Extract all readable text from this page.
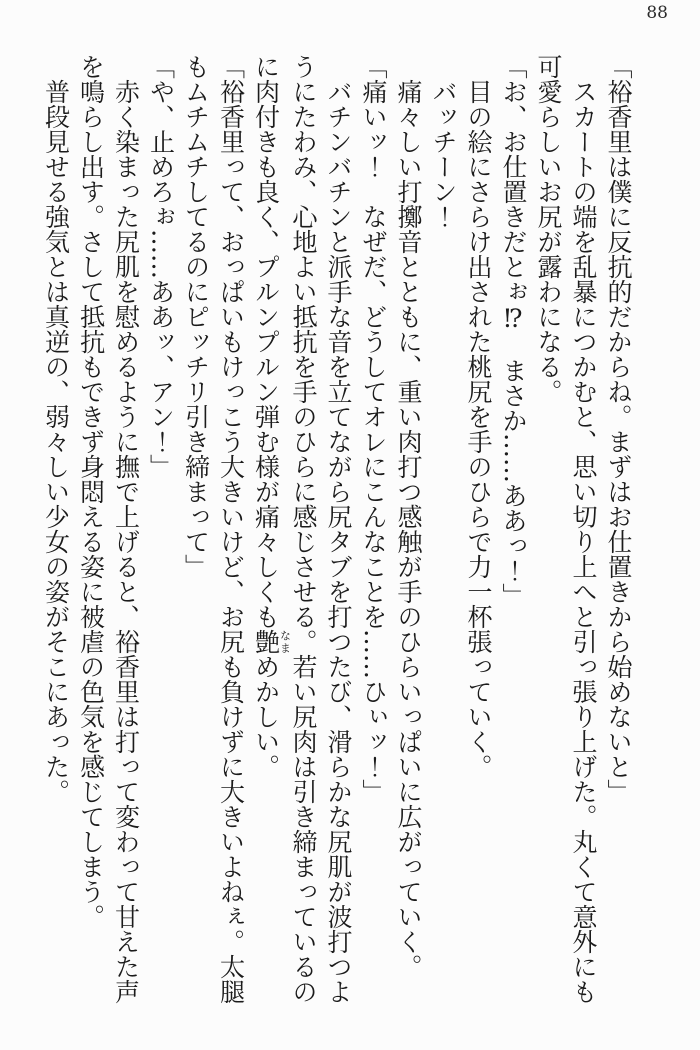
88

「裕香里は僕に反抗的だからね。まずはお仕置きから始めないと」

スカートの端を乱暴につかむと、思い切り上へと引っ張り上げた。丸くて意外にも可愛らしいお尻が露わになる。

「お、お仕置きだとぉ⁉　まさか……ああっ！」

目の絵にさらけ出された桃尻を手のひらで力一杯張っていく。

バッチーン！

痛々しい打擲音とともに、重い肉打つ感触が手のひらいっぱいに広がっていく。

「痛いッ！　なぜだ、どうしてオレにこんなことを……ひぃッ！」

バチンバチンと派手な音を立てながら尻タブを打つたび、滑らかな尻肌が波打つようにたわみ、心地よい抵抗を手のひらに感じさせる。若い尻肉は引き締まっているのに肉付きも良く、プルンプルン弾む様が痛々しくも艶なまめかしい。

「裕香里って、おっぱいもけっこう大きいけど、お尻も負けずに大きいよねぇ。太腿もムチムチしてるのにピッチリ引き締まって」

「や、止めろぉ……ああッ、アン！」

赤く染まった尻肌を慰めるように撫で上げると、裕香里は打って変わって甘えた声を鳴らし出す。さして抵抗もできず身悶える姿に被虐の色気を感じてしまう。

普段見せる強気とは真逆の、弱々しい少女の姿がそこにあった。
